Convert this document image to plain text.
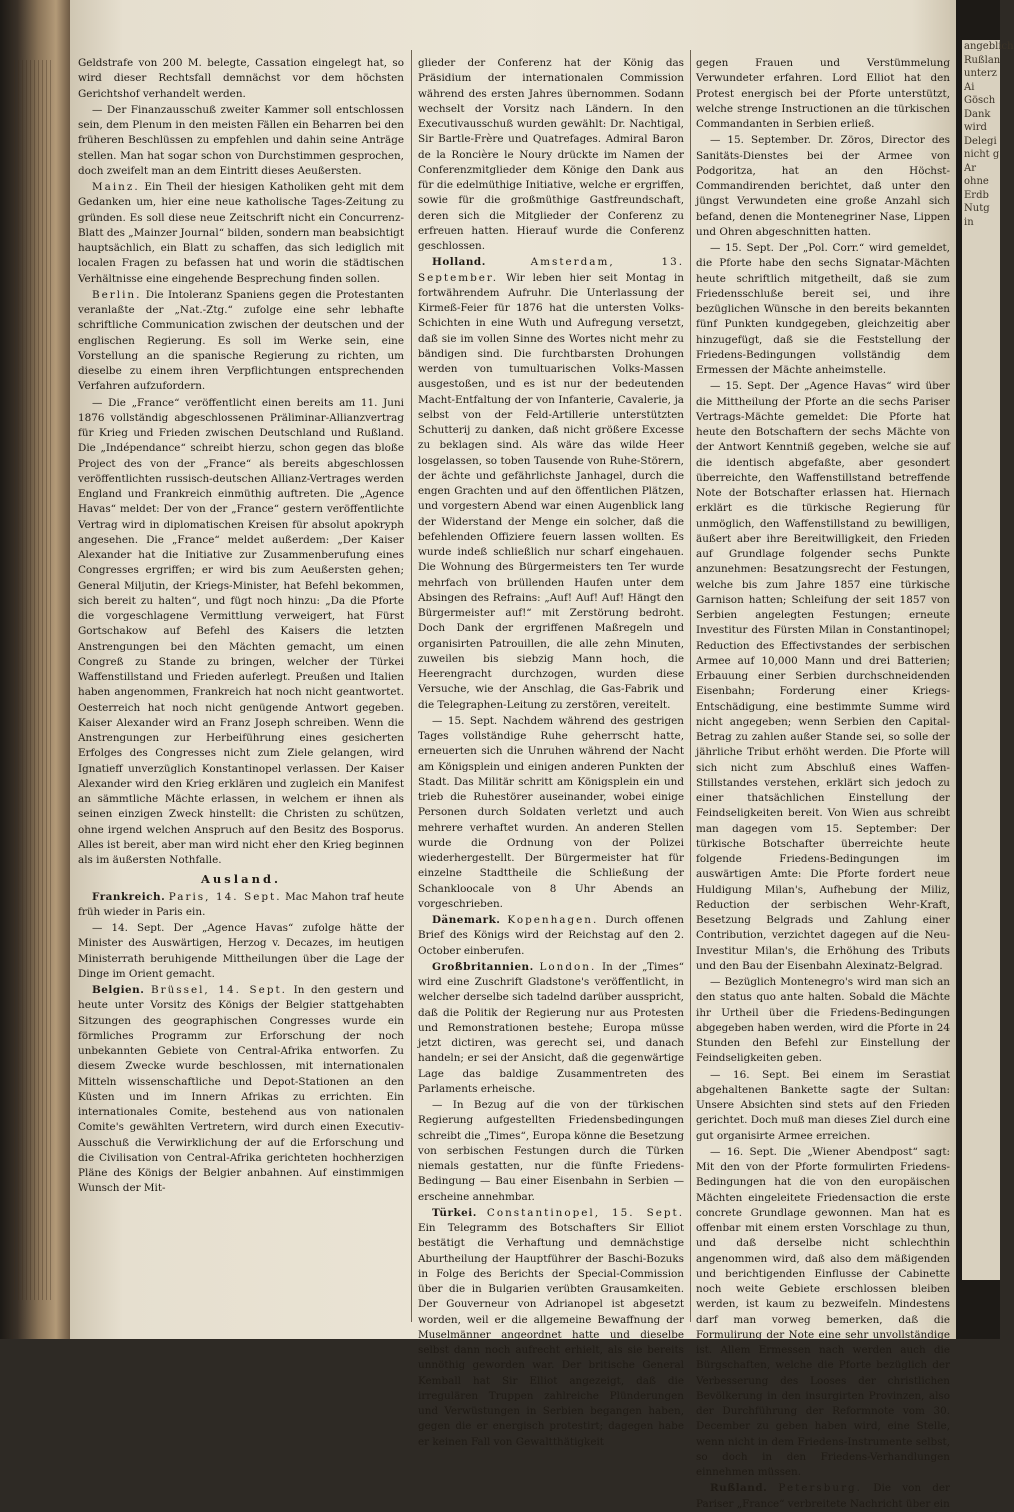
angeblich
Rußlan
unterz
Ai
Gösch
Dank
wird
Delegi
nicht g
Ar
ohne
Erdb
Nutg
in

Geldstrafe von 200 M. belegte, Cassation eingelegt hat, so wird dieser Rechtsfall demnächst vor dem höchsten Gerichtshof verhandelt werden.

— Der Finanzausschuß zweiter Kammer soll entschlossen sein, dem Plenum in den meisten Fällen ein Beharren bei den früheren Beschlüssen zu empfehlen und dahin seine Anträge stellen. Man hat sogar schon von Durchstimmen gesprochen, doch zweifelt man an dem Eintritt dieses Aeußersten.

Mainz. Ein Theil der hiesigen Katholiken geht mit dem Gedanken um, hier eine neue katholische Tages-Zeitung zu gründen. Es soll diese neue Zeitschrift nicht ein Concurrenz-Blatt des „Mainzer Journal“ bilden, sondern man beabsichtigt hauptsächlich, ein Blatt zu schaffen, das sich lediglich mit localen Fragen zu befassen hat und worin die städtischen Verhältnisse eine eingehende Besprechung finden sollen.

Berlin. Die Intoleranz Spaniens gegen die Protestanten veranlaßte der „Nat.-Ztg.“ zufolge eine sehr lebhafte schriftliche Communication zwischen der deutschen und der englischen Regierung. Es soll im Werke sein, eine Vorstellung an die spanische Regierung zu richten, um dieselbe zu einem ihren Verpflichtungen entsprechenden Verfahren aufzufordern.

— Die „France“ veröffentlicht einen bereits am 11. Juni 1876 vollständig abgeschlossenen Präliminar-Allianzvertrag für Krieg und Frieden zwischen Deutschland und Rußland. Die „Indépendance“ schreibt hierzu, schon gegen das bloße Project des von der „France“ als bereits abgeschlossen veröffentlichten russisch-deutschen Allianz-Vertrages werden England und Frankreich einmüthig auftreten. Die „Agence Havas“ meldet: Der von der „France“ gestern veröffentlichte Vertrag wird in diplomatischen Kreisen für absolut apokryph angesehen. Die „France“ meldet außerdem: „Der Kaiser Alexander hat die Initiative zur Zusammenberufung eines Congresses ergriffen; er wird bis zum Aeußersten gehen; General Miljutin, der Kriegs-Minister, hat Befehl bekommen, sich bereit zu halten“, und fügt noch hinzu: „Da die Pforte die vorgeschlagene Vermittlung verweigert, hat Fürst Gortschakow auf Befehl des Kaisers die letzten Anstrengungen bei den Mächten gemacht, um einen Congreß zu Stande zu bringen, welcher der Türkei Waffenstillstand und Frieden auferlegt. Preußen und Italien haben angenommen, Frankreich hat noch nicht geantwortet. Oesterreich hat noch nicht genügende Antwort gegeben. Kaiser Alexander wird an Franz Joseph schreiben. Wenn die Anstrengungen zur Herbeiführung eines gesicherten Erfolges des Congresses nicht zum Ziele gelangen, wird Ignatieff unverzüglich Konstantinopel verlassen. Der Kaiser Alexander wird den Krieg erklären und zugleich ein Manifest an sämmtliche Mächte erlassen, in welchem er ihnen als seinen einzigen Zweck hinstellt: die Christen zu schützen, ohne irgend welchen Anspruch auf den Besitz des Bosporus. Alles ist bereit, aber man wird nicht eher den Krieg beginnen als im äußersten Nothfalle.

Ausland.

Frankreich. Paris, 14. Sept. Mac Mahon traf heute früh wieder in Paris ein.

— 14. Sept. Der „Agence Havas“ zufolge hätte der Minister des Auswärtigen, Herzog v. Decazes, im heutigen Ministerrath beruhigende Mittheilungen über die Lage der Dinge im Orient gemacht.

Belgien. Brüssel, 14. Sept. In den gestern und heute unter Vorsitz des Königs der Belgier stattgehabten Sitzungen des geographischen Congresses wurde ein förmliches Programm zur Erforschung der noch unbekannten Gebiete von Central-Afrika entworfen. Zu diesem Zwecke wurde beschlossen, mit internationalen Mitteln wissenschaftliche und Depot-Stationen an den Küsten und im Innern Afrikas zu errichten. Ein internationales Comite, bestehend aus von nationalen Comite's gewählten Vertretern, wird durch einen Executiv-Ausschuß die Verwirklichung der auf die Erforschung und die Civilisation von Central-Afrika gerichteten hochherzigen Pläne des Königs der Belgier anbahnen. Auf einstimmigen Wunsch der Mit-

glieder der Conferenz hat der König das Präsidium der internationalen Commission während des ersten Jahres übernommen. Sodann wechselt der Vorsitz nach Ländern. In den Executivausschuß wurden gewählt: Dr. Nachtigal, Sir Bartle-Frère und Quatrefages. Admiral Baron de la Roncière le Noury drückte im Namen der Conferenzmitglieder dem Könige den Dank aus für die edelmüthige Initiative, welche er ergriffen, sowie für die großmüthige Gastfreundschaft, deren sich die Mitglieder der Conferenz zu erfreuen hatten. Hierauf wurde die Conferenz geschlossen.

Holland.	Amsterdam, 13. September. Wir leben hier seit Montag in fortwährendem Aufruhr. Die Unterlassung der Kirmeß-Feier für 1876 hat die untersten Volks-Schichten in eine Wuth und Aufregung versetzt, daß sie im vollen Sinne des Wortes nicht mehr zu bändigen sind. Die furchtbarsten Drohungen werden von tumultuarischen Volks-Massen ausgestoßen, und es ist nur der bedeutenden Macht-Entfaltung der von Infanterie, Cavalerie, ja selbst von der Feld-Artillerie unterstützten Schutterij zu danken, daß nicht größere Excesse zu beklagen sind. Als wäre das wilde Heer losgelassen, so toben Tausende von Ruhe-Störern, der ächte und gefährlichste Janhagel, durch die engen Grachten und auf den öffentlichen Plätzen, und vorgestern Abend war einen Augenblick lang der Widerstand der Menge ein solcher, daß die befehlenden Offiziere feuern lassen wollten. Es wurde indeß schließlich nur scharf eingehauen. Die Wohnung des Bürgermeisters ten Ter wurde mehrfach von brüllenden Haufen unter dem Absingen des Refrains: „Auf! Auf! Auf! Hängt den Bürgermeister auf!“ mit Zerstörung bedroht. Doch Dank der ergriffenen Maßregeln und organisirten Patrouillen, die alle zehn Minuten, zuweilen bis siebzig Mann hoch, die Heerengracht durchzogen, wurden diese Versuche, wie der Anschlag, die Gas-Fabrik und die Telegraphen-Leitung zu zerstören, vereitelt.

— 15. Sept. Nachdem während des gestrigen Tages vollständige Ruhe geherrscht hatte, erneuerten sich die Unruhen während der Nacht am Königsplein und einigen anderen Punkten der Stadt. Das Militär schritt am Königsplein ein und trieb die Ruhestörer auseinander, wobei einige Personen durch Soldaten verletzt und auch mehrere verhaftet wurden. An anderen Stellen wurde die Ordnung von der Polizei wiederhergestellt. Der Bürgermeister hat für einzelne Stadttheile die Schließung der Schankloocale von 8 Uhr Abends an vorgeschrieben.

Dänemark. Kopenhagen. Durch offenen Brief des Königs wird der Reichstag auf den 2. October einberufen.

Großbritannien. London. In der „Times“ wird eine Zuschrift Gladstone's veröffentlicht, in welcher derselbe sich tadelnd darüber ausspricht, daß die Politik der Regierung nur aus Protesten und Remonstrationen bestehe; Europa müsse jetzt dictiren, was gerecht sei, und danach handeln; er sei der Ansicht, daß die gegenwärtige Lage das baldige Zusammentreten des Parlaments erheische.

— In Bezug auf die von der türkischen Regierung aufgestellten Friedensbedingungen schreibt die „Times“, Europa könne die Besetzung von serbischen Festungen durch die Türken niemals gestatten, nur die fünfte Friedens-Bedingung — Bau einer Eisenbahn in Serbien — erscheine annehmbar.

Türkei. Constantinopel, 15. Sept. Ein Telegramm des Botschafters Sir Elliot bestätigt die Verhaftung und demnächstige Aburtheilung der Hauptführer der Baschi-Bozuks in Folge des Berichts der Special-Commission über die in Bulgarien verübten Grausamkeiten. Der Gouverneur von Adrianopel ist abgesetzt worden, weil er die allgemeine Bewaffnung der Muselmänner angeordnet hatte und dieselbe selbst dann noch aufrecht erhielt, als sie bereits unnöthig geworden war. Der britische General Kemball hat Sir Elliot angezeigt, daß die irregulären Truppen zahlreiche Plünderungen und Verwüstungen in Serbien begangen haben, gegen die er energisch protestirt; dagegen habe er keinen Fall von Gewaltthätigkeit

gegen Frauen und Verstümmelung Verwundeter erfahren. Lord Elliot hat den Protest energisch bei der Pforte unterstützt, welche strenge Instructionen an die türkischen Commandanten in Serbien erließ.

— 15. September. Dr. Zöros, Director des Sanitäts-Dienstes bei der Armee von Podgoritza, hat an den Höchst-Commandirenden berichtet, daß unter den jüngst Verwundeten eine große Anzahl sich befand, denen die Montenegriner Nase, Lippen und Ohren abgeschnitten hatten.

— 15. Sept. Der „Pol. Corr.“ wird gemeldet, die Pforte habe den sechs Signatar-Mächten heute schriftlich mitgetheilt, daß sie zum Friedensschluße bereit sei, und ihre bezüglichen Wünsche in den bereits bekannten fünf Punkten kundgegeben, gleichzeitig aber hinzugefügt, daß sie die Feststellung der Friedens-Bedingungen vollständig dem Ermessen der Mächte anheimstelle.

— 15. Sept. Der „Agence Havas“ wird über die Mittheilung der Pforte an die sechs Pariser Vertrags-Mächte gemeldet: Die Pforte hat heute den Botschaftern der sechs Mächte von der Antwort Kenntniß gegeben, welche sie auf die identisch abgefaßte, aber gesondert überreichte, den Waffenstillstand betreffende Note der Botschafter erlassen hat. Hiernach erklärt es die türkische Regierung für unmöglich, den Waffenstillstand zu bewilligen, äußert aber ihre Bereitwilligkeit, den Frieden auf Grundlage folgender sechs Punkte anzunehmen: Besatzungsrecht der Festungen, welche bis zum Jahre 1857 eine türkische Garnison hatten; Schleifung der seit 1857 von Serbien angelegten Festungen; erneute Investitur des Fürsten Milan in Constantinopel; Reduction des Effectivstandes der serbischen Armee auf 10,000 Mann und drei Batterien; Erbauung einer Serbien durchschneidenden Eisenbahn; Forderung einer Kriegs-Entschädigung, eine bestimmte Summe wird nicht angegeben; wenn Serbien den Capital-Betrag zu zahlen außer Stande sei, so solle der jährliche Tribut erhöht werden. Die Pforte will sich nicht zum Abschluß eines Waffen-Stillstandes verstehen, erklärt sich jedoch zu einer thatsächlichen Einstellung der Feindseligkeiten bereit. Von Wien aus schreibt man dagegen vom 15. September: Der türkische Botschafter überreichte heute folgende Friedens-Bedingungen im auswärtigen Amte: Die Pforte fordert neue Huldigung Milan's, Aufhebung der Miliz, Reduction der serbischen Wehr-Kraft, Besetzung Belgrads und Zahlung einer Contribution, verzichtet dagegen auf die Neu-Investitur Milan's, die Erhöhung des Tributs und den Bau der Eisenbahn Alexinatz-Belgrad.

— Bezüglich Montenegro's wird man sich an den status quo ante halten. Sobald die Mächte ihr Urtheil über die Friedens-Bedingungen abgegeben haben werden, wird die Pforte in 24 Stunden den Befehl zur Einstellung der Feindseligkeiten geben.

— 16. Sept. Bei einem im Serastiat abgehaltenen Bankette sagte der Sultan: Unsere Absichten sind stets auf den Frieden gerichtet. Doch muß man dieses Ziel durch eine gut organisirte Armee erreichen.

— 16. Sept. Die „Wiener Abendpost“ sagt: Mit den von der Pforte formulirten Friedens-Bedingungen hat die von den europäischen Mächten eingeleitete Friedensaction die erste concrete Grundlage gewonnen. Man hat es offenbar mit einem ersten Vorschlage zu thun, und daß derselbe nicht schlechthin angenommen wird, daß also dem mäßigenden und berichtigenden Einflusse der Cabinette noch weite Gebiete erschlossen bleiben werden, ist kaum zu bezweifeln. Mindestens darf man vorweg bemerken, daß die Formulirung der Note eine sehr unvollständige ist. Allem Ermessen nach werden auch die Bürgschaften, welche die Pforte bezüglich der Verbesserung des Looses der christlichen Bevölkerung in den insurgirten Provinzen, also der Durchführung der Reformnote vom 30. December zu geben haben wird, eine Stelle, wenn nicht in dem Friedens-Instrumente selbst, so doch in den Friedens-Verhandlungen einnehmen müssen.

Rußland. Petersburg. Die von der Pariser „France“ verbreitete Nachricht über ein
